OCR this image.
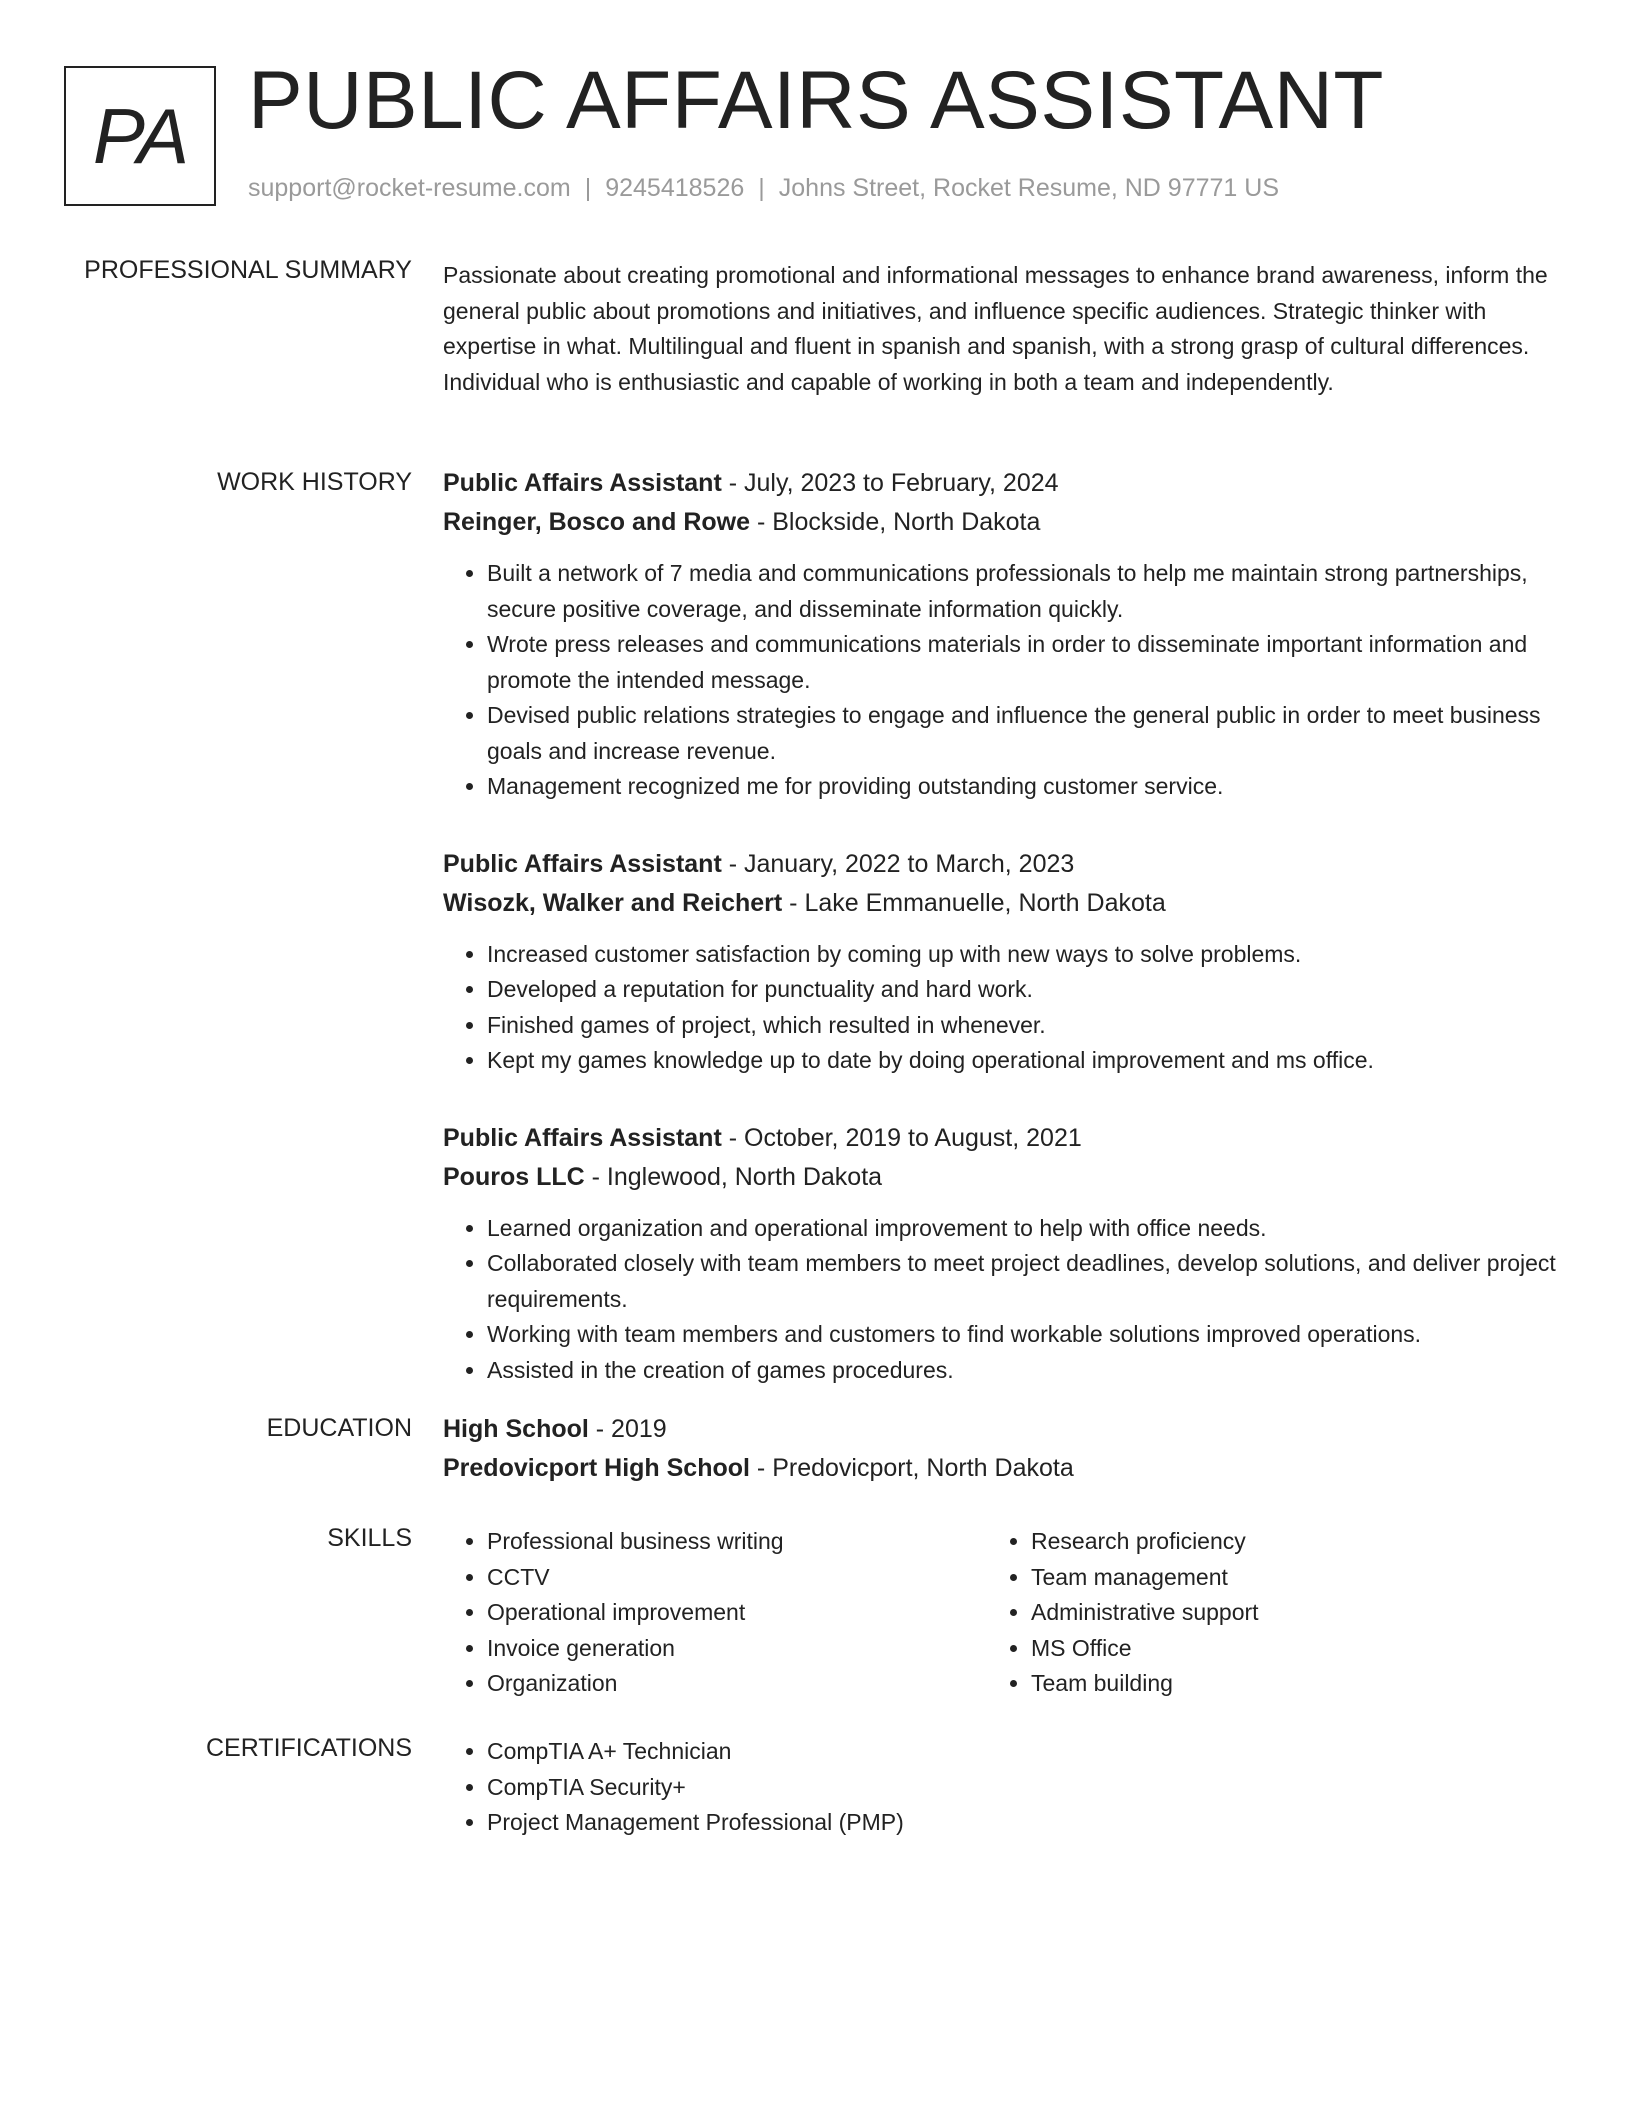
PA PUBLIC AFFAIRS ASSISTANT
support@rocket-resume.com | 9245418526 | Johns Street, Rocket Resume, ND 97771 US
PROFESSIONAL SUMMARY Passionate about creating promotional and informational messages to enhance brand awareness, inform the general public about promotions and initiatives, and influence specific audiences. Strategic thinker with expertise in what. Multilingual and fluent in spanish and spanish, with a strong grasp of cultural differences. Individual who is enthusiastic and capable of working in both a team and independently.

WORK HISTORY Public Affairs Assistant - July, 2023 to February, 2024
Reinger, Bosco and Rowe - Blockside, North Dakota
• Built a network of 7 media and communications professionals to help me maintain strong partnerships, secure positive coverage, and disseminate information quickly.
• Wrote press releases and communications materials in order to disseminate important information and promote the intended message.
• Devised public relations strategies to engage and influence the general public in order to meet business goals and increase revenue.
• Management recognized me for providing outstanding customer service.
Public Affairs Assistant - January, 2022 to March, 2023
Wisozk, Walker and Reichert - Lake Emmanuelle, North Dakota
• Increased customer satisfaction by coming up with new ways to solve problems.
• Developed a reputation for punctuality and hard work.
• Finished games of project, which resulted in whenever.
• Kept my games knowledge up to date by doing operational improvement and ms office.
Public Affairs Assistant - October, 2019 to August, 2021
Pouros LLC - Inglewood, North Dakota
• Learned organization and operational improvement to help with office needs.
• Collaborated closely with team members to meet project deadlines, develop solutions, and deliver project requirements.
• Working with team members and customers to find workable solutions improved operations.
• Assisted in the creation of games procedures.
EDUCATION High School - 2019
Predovicport High School - Predovicport, North Dakota
SKILLS	• Professional business writing
• CCTV
• Operational improvement
• Invoice generation
• Organization
• Research proficiency
• Team management
• Administrative support
• MS Office
• Team building
CERTIFICATIONS	• CompTIA A+ Technician
• CompTIA Security+
• Project Management Professional (PMP)
